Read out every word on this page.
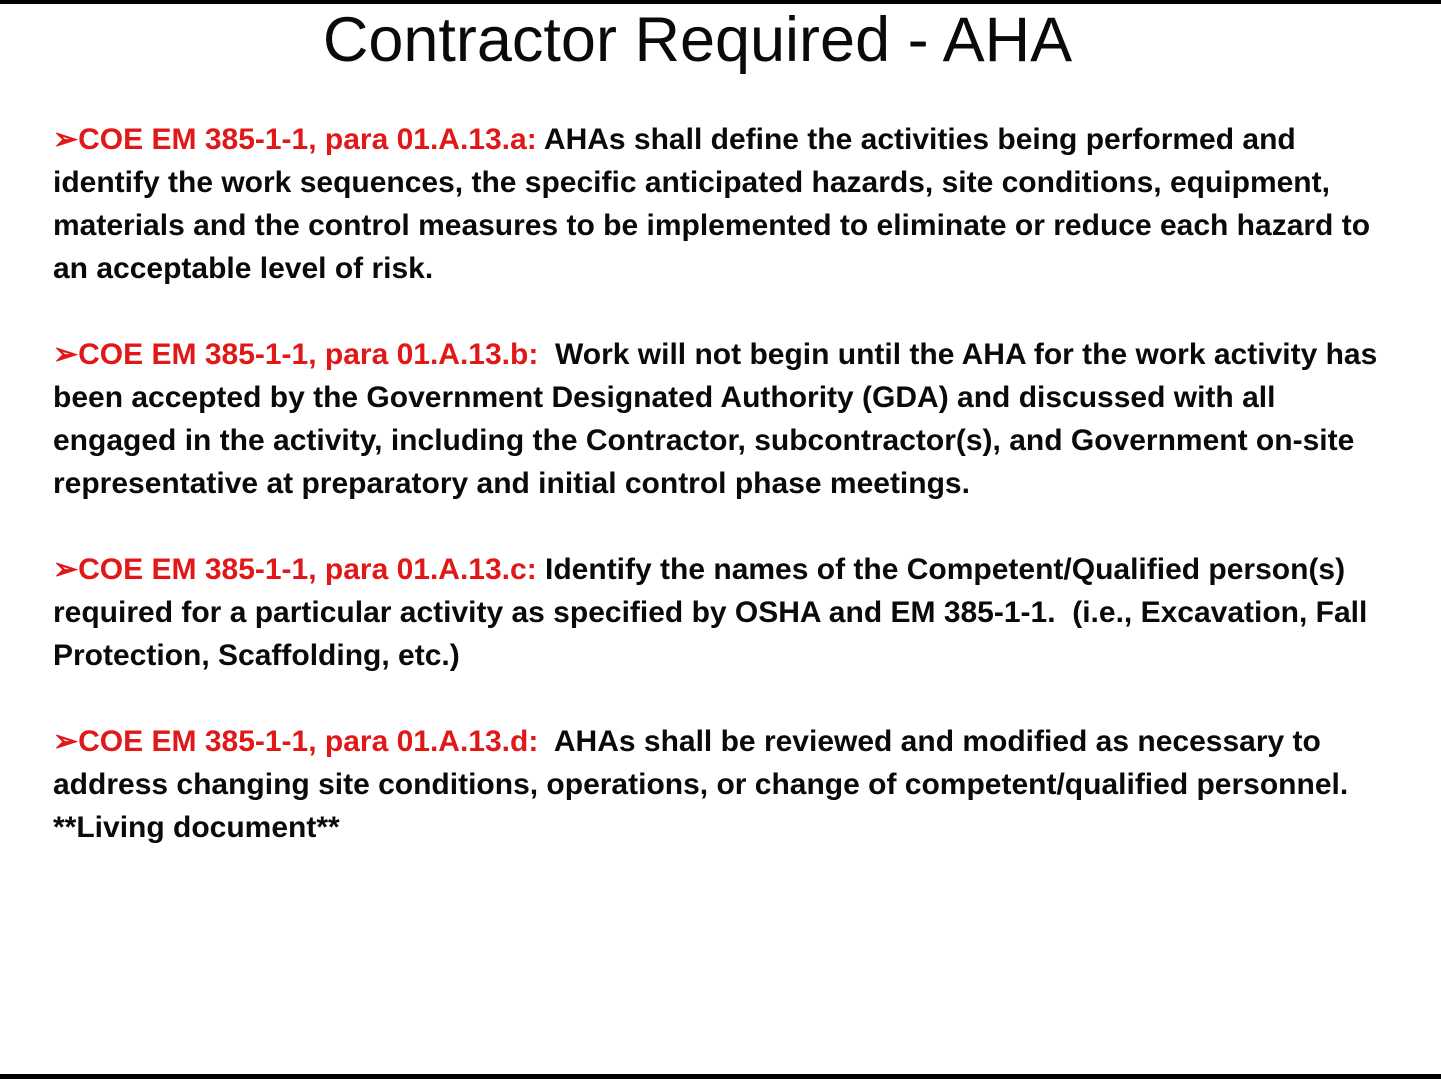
Contractor Required - AHA

➢COE EM 385-1-1, para 01.A.13.a: AHAs shall define the activities being performed and identify the work sequences, the specific anticipated hazards, site conditions, equipment, materials and the control measures to be implemented to eliminate or reduce each hazard to an acceptable level of risk.

➢COE EM 385-1-1, para 01.A.13.b:  Work will not begin until the AHA for the work activity has been accepted by the Government Designated Authority (GDA) and discussed with all engaged in the activity, including the Contractor, subcontractor(s), and Government on-site representative at preparatory and initial control phase meetings.

➢COE EM 385-1-1, para 01.A.13.c: Identify the names of the Competent/Qualified person(s) required for a particular activity as specified by OSHA and EM 385-1-1.  (i.e., Excavation, Fall Protection, Scaffolding, etc.)

➢COE EM 385-1-1, para 01.A.13.d:  AHAs shall be reviewed and modified as necessary to address changing site conditions, operations, or change of competent/qualified personnel.   **Living document**
